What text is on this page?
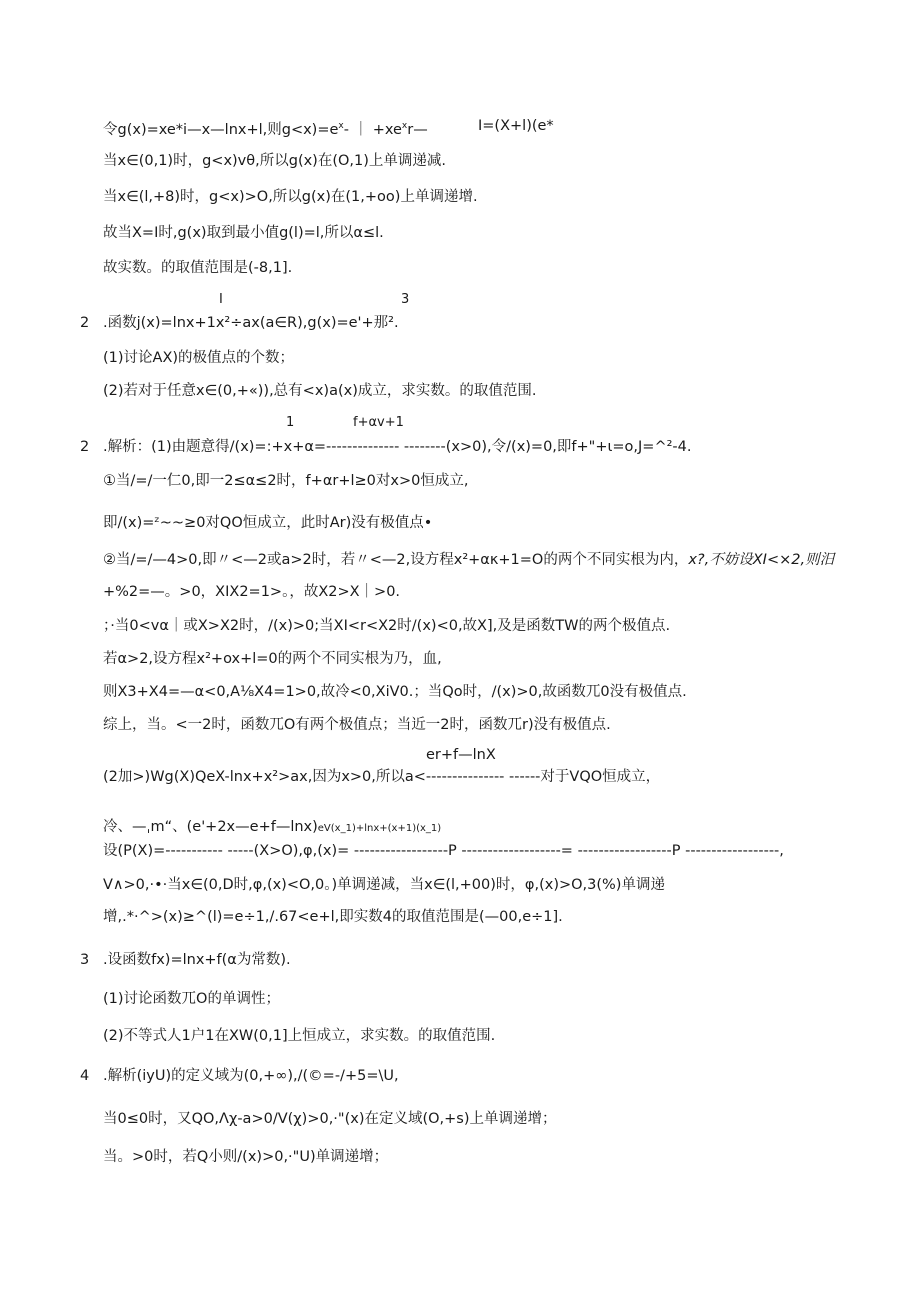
令g(x)=xe*i—x—lnx+l,则$g<x)=e^x-$ ｜ $+xe^xr—$	I=(X+l)(e*
当x∈(0,1)时，g<x)vθ,所以g(x)在(O,1)上单调递减.
当x∈(l,+8)时，g<x)>O,所以g(x)在(1,+oo)上单调递增.
故当X=I时,g(x)取到最小值g(l)=l,所以α≤l.
故实数。的取值范围是(-8,1].
I	3
2 .函数j(x)=lnx+1x²÷ax(a∈R),g(x)=e'+那².
(1)讨论AX)的极值点的个数；
(2)若对于任意x∈(0,+«)),总有<x)a(x)成立，求实数。的取值范围.
1	f+αv+1
2 .解析：(1)由题意得/(x)=:+x+α=-------------- --------(x>0),令/(x)=0,即f+"+ι=o,J=^²-4.
①当/=/一仁0,即一2≤α≤2时，f+αr+l≥0对x>0恒成立,
即/(x)=ᶻ~~≥0对QO恒成立，此时Ar)没有极值点•
②当/=/—4>0,即〃<—2或a>2时，若〃<—2,设方程x²+ακ+1=O的两个不同实根为内，x?,不妨设XI<×2,则汨
+%2=—。>0，XIX2=1>。，故X2>X｜>0.
；·当0<vα｜或X>X2时，/(x)>0;当XI<r<X2时/(x)<0,故X],及是函数TW的两个极值点.
若α>2,设方程x²+ox+l=0的两个不同实根为乃，血,
则X3+X4=—α<0,A⅛X4=1>0,故冷<0,XiV0.；当Qo时，/(x)>0,故函数兀0没有极值点.
综上，当。<一2时，函数兀O有两个极值点；当近一2时，函数兀r)没有极值点.
er+f—lnX
(2加>)Wg(X)QeX-lnx+x²>ax,因为x>0,所以a<--------------- ------对于VQO恒成立，
冷、—ˌm“、(e'+2x—e+f—lnx)eV(x_1)+lnx+(x+1)(x_1)
设(P(X)=----------- -----(X>O),φ,(x)= ------------------P -------------------= ------------------P ------------------,
V∧>0,·•·当x∈(0,D时,φ,(x)<O,0。)单调递减，当x∈(l,+00)时，φ,(x)>O,3(%)单调递
增,.*·^>(x)≥^(l)=e÷1,/.67<e+l,即实数4的取值范围是(—00,e÷1].
3 .设函数fx)=lnx+f(α为常数).
(1)讨论函数兀O的单调性；
(2)不等式人1户1在XW(0,1]上恒成立，求实数。的取值范围.
4 .解析(iyU)的定义域为(0,+∞),/(©=-/+5=\U,
当0≤0时，又QO,Λχ-a>0/V(χ)>0,·"(x)在定义域(O,+s)上单调递增；
当。>0时，若Q小则/(x)>0,·"U)单调递增；
